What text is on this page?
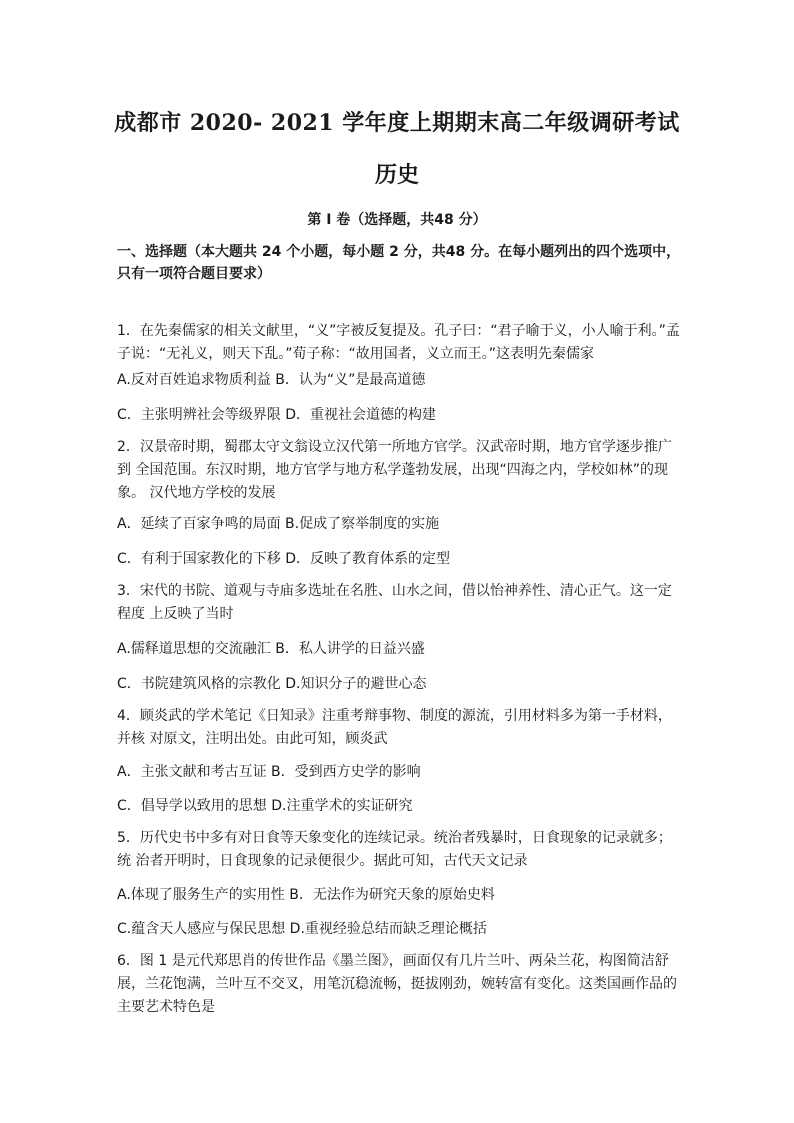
成都市 2020- 2021 学年度上期期末高二年级调研考试
历史
第 I 卷（选择题，共48 分）
一、选择题（本大题共 24 个小题，每小题 2 分，共48 分。在每小题列出的四个选项中，只有一项符合题目要求）
1．在先秦儒家的相关文献里，“义”字被反复提及。孔子曰：“君子喻于义，小人喻于利。”孟子说：“无礼义，则天下乱。”荀子称：“故用国者，义立而王。”这表明先秦儒家
A.反对百姓追求物质利益 B．认为“义”是最高道德
C．主张明辨社会等级界限 D．重视社会道德的构建
2．汉景帝时期，蜀郡太守文翁设立汉代第一所地方官学。汉武帝时期，地方官学逐步推广到 全国范围。东汉时期，地方官学与地方私学蓬勃发展，出现“四海之内，学校如林”的现象。 汉代地方学校的发展
A．延续了百家争鸣的局面 B.促成了察举制度的实施
C．有利于国家教化的下移 D．反映了教育体系的定型
3．宋代的书院、道观与寺庙多选址在名胜、山水之间，借以怡神养性、清心正气。这一定程度 上反映了当时
A.儒释道思想的交流融汇 B．私人讲学的日益兴盛
C．书院建筑风格的宗教化 D.知识分子的避世心态
4．顾炎武的学术笔记《日知录》注重考辩事物、制度的源流，引用材料多为第一手材料，并核 对原文，注明出处。由此可知，顾炎武
A．主张文献和考古互证 B．受到西方史学的影响
C．倡导学以致用的思想 D.注重学术的实证研究
5．历代史书中多有对日食等天象变化的连续记录。统治者残暴时，日食现象的记录就多；统 治者开明时，日食现象的记录便很少。据此可知，古代天文记录
A.体现了服务生产的实用性 B．无法作为研究天象的原始史料
C.蕴含天人感应与保民思想 D.重视经验总结而缺乏理论概括
6．图 1 是元代郑思肖的传世作品《墨兰图》，画面仅有几片兰叶、两朵兰花，构图简洁舒展，兰花饱满，兰叶互不交叉，用笔沉稳流畅，挺拔刚劲，婉转富有变化。这类国画作品的主要艺术特色是
